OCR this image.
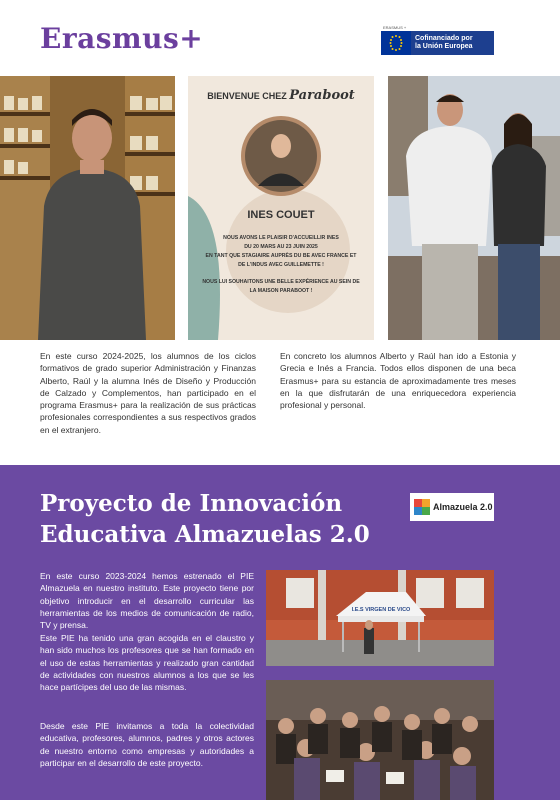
Erasmus+	ERASMUS +
Cofinanciado por
la Unión Europea
BIENVENUE CHEZ Paraboot
INES COUET
NOUS AVONS LE PLAISIR D'ACCUEILLIR INES
DU 20 MARS AU 23 JUIN 2025
EN TANT QUE STAGIAIRE AUPRÈS DU BE AVEC FRANCE ET
DE L'INDUS AVEC GUILLEMETTE !
NOUS LUI SOUHAITONS UNE BELLE EXPÉRIENCE AU SEIN DE
LA MAISON PARABOOT !
En este curso 2024-2025, los alumnos de los ciclos formativos de grado superior Administración y Finanzas Alberto, Raúl y la alumna Inés de Diseño y Producción de Calzado y Complementos, han participado en el programa Erasmus+ para la realización de sus prácticas profesionales correspondientes a sus respectivos grados en el extranjero.
En concreto los alumnos Alberto y Raúl han ido a Estonia y Grecia e Inés a Francia. Todos ellos disponen de una beca Erasmus+ para su estancia de aproximadamente tres meses en la que disfrutarán de una enriquecedora experiencia profesional y personal.
Proyecto de Innovación Educativa Almazuelas 2.0
Almazuela 2.0
En este curso 2023-2024 hemos estrenado el PIE Almazuela en nuestro instituto. Este proyecto tiene por objetivo introducir en el desarrollo curricular las herramientas de los medios de comunicación de radio, TV y prensa.
Este PIE ha tenido una gran acogida en el claustro y han sido muchos los profesores que se han formado en el uso de estas herramientas y realizado gran cantidad de actividades con nuestros alumnos a los que se les hace partícipes del uso de las mismas.
Desde este PIE invitamos a toda la colectividad educativa, profesores, alumnos, padres y otros actores de nuestro entorno como empresas y autoridades a participar en el desarrollo de este proyecto.
I.E.S VIRGEN DE VICO
